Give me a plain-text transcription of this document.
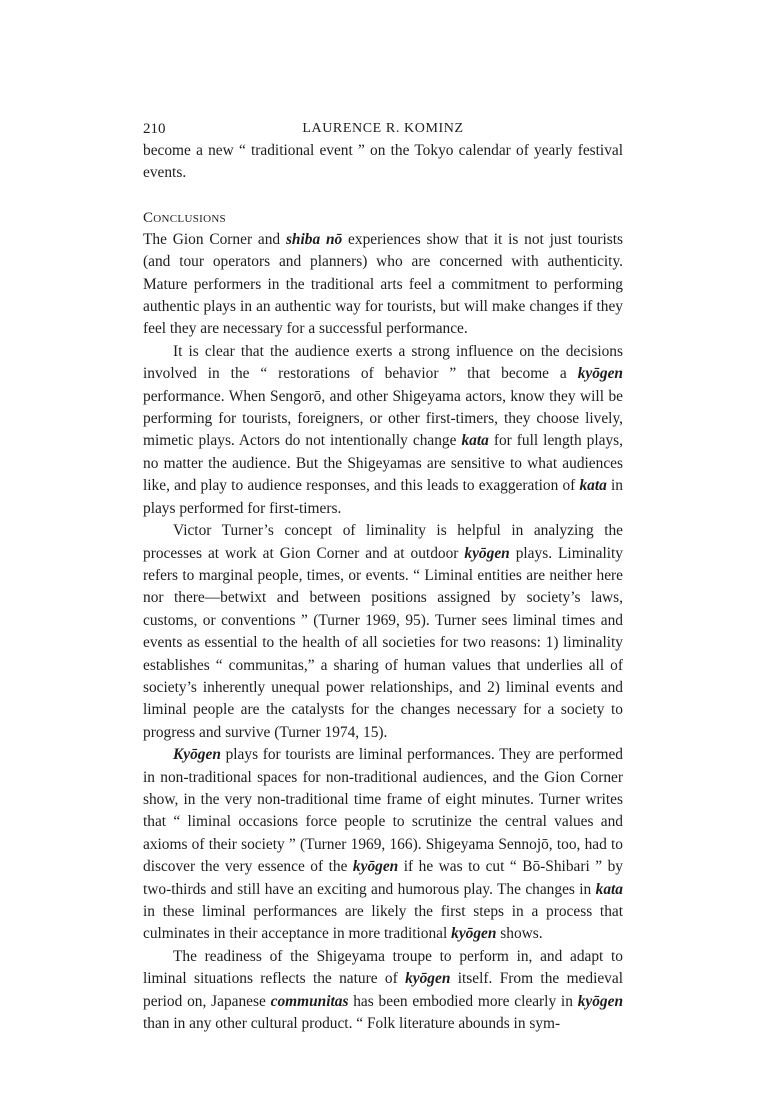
210	LAURENCE R. KOMINZ

become a new “ traditional event ” on the Tokyo calendar of yearly festival events.

Conclusions

The Gion Corner and shiba nō experiences show that it is not just tourists (and tour operators and planners) who are concerned with authenticity. Mature performers in the traditional arts feel a commitment to performing authentic plays in an authentic way for tourists, but will make changes if they feel they are necessary for a successful performance.

It is clear that the audience exerts a strong influence on the decisions involved in the “ restorations of behavior ” that become a kyōgen performance. When Sengorō, and other Shigeyama actors, know they will be performing for tourists, foreigners, or other first-timers, they choose lively, mimetic plays. Actors do not intentionally change kata for full length plays, no matter the audience. But the Shigeyamas are sensitive to what audiences like, and play to audience responses, and this leads to exaggeration of kata in plays performed for first-timers.

Victor Turner’s concept of liminality is helpful in analyzing the processes at work at Gion Corner and at outdoor kyōgen plays. Liminality refers to marginal people, times, or events. “ Liminal entities are neither here nor there—betwixt and between positions assigned by society’s laws, customs, or conventions ” (Turner 1969, 95). Turner sees liminal times and events as essential to the health of all societies for two reasons: 1) liminality establishes “ communitas,” a sharing of human values that underlies all of society’s inherently unequal power relationships, and 2) liminal events and liminal people are the catalysts for the changes necessary for a society to progress and survive (Turner 1974, 15).

Kyōgen plays for tourists are liminal performances. They are performed in non-traditional spaces for non-traditional audiences, and the Gion Corner show, in the very non-traditional time frame of eight minutes. Turner writes that “ liminal occasions force people to scrutinize the central values and axioms of their society ” (Turner 1969, 166). Shigeyama Sennojō, too, had to discover the very essence of the kyōgen if he was to cut “ Bō-Shibari ” by two-thirds and still have an exciting and humorous play. The changes in kata in these liminal performances are likely the first steps in a process that culminates in their acceptance in more traditional kyōgen shows.

The readiness of the Shigeyama troupe to perform in, and adapt to liminal situations reflects the nature of kyōgen itself. From the medieval period on, Japanese communitas has been embodied more clearly in kyōgen than in any other cultural product. “ Folk literature abounds in sym-
